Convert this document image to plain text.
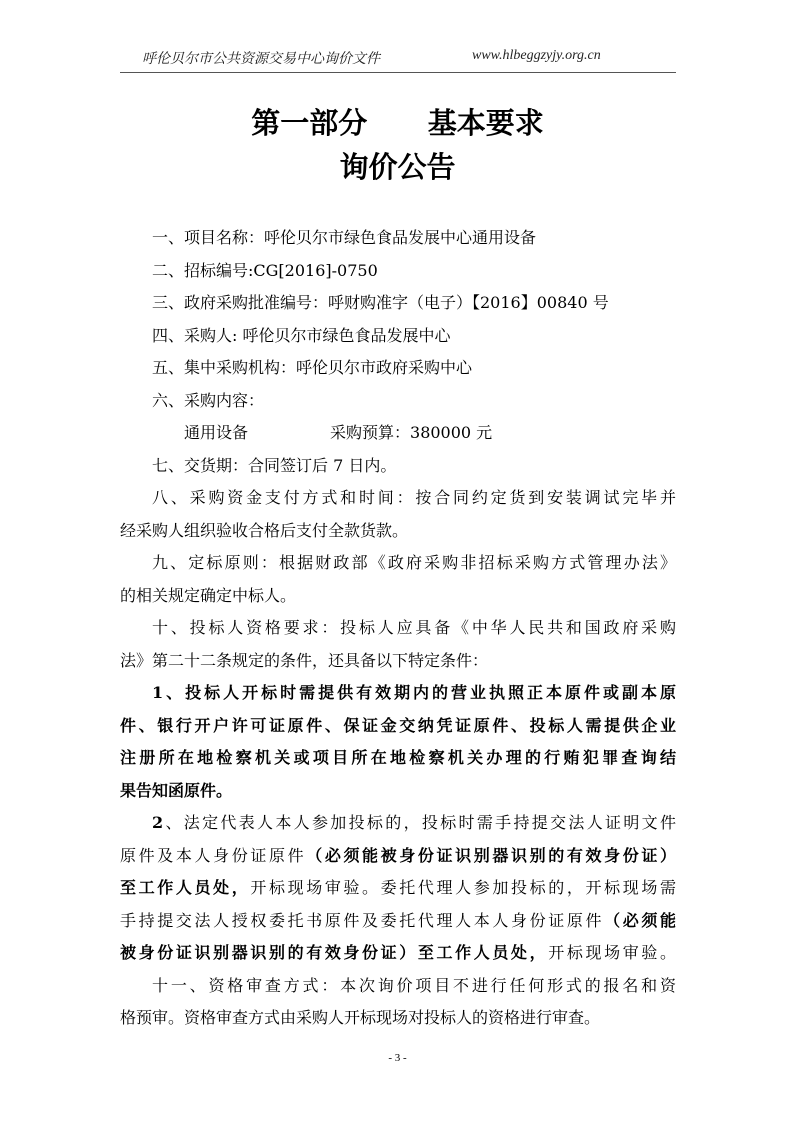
呼伦贝尔市公共资源交易中心询价文件	www.hlbeggzyjy.org.cn
第一部分      基本要求
询价公告
一、项目名称：呼伦贝尔市绿色食品发展中心通用设备
二、招标编号:CG[2016]-0750
三、政府采购批准编号：呼财购准字（电子）【2016】00840 号
四、采购人: 呼伦贝尔市绿色食品发展中心
五、集中采购机构：呼伦贝尔市政府采购中心
六、采购内容：
通用设备	采购预算：380000 元
七、交货期：合同签订后 7 日内。
八、采购资金支付方式和时间：按合同约定货到安装调试完毕并
经采购人组织验收合格后支付全款货款。
九、定标原则：根据财政部《政府采购非招标采购方式管理办法》
的相关规定确定中标人。
十、投标人资格要求：投标人应具备《中华人民共和国政府采购
法》第二十二条规定的条件，还具备以下特定条件：
1、投标人开标时需提供有效期内的营业执照正本原件或副本原
件、银行开户许可证原件、保证金交纳凭证原件、投标人需提供企业
注册所在地检察机关或项目所在地检察机关办理的行贿犯罪查询结
果告知函原件。
2、法定代表人本人参加投标的，投标时需手持提交法人证明文件
原件及本人身份证原件（必须能被身份证识别器识别的有效身份证）
至工作人员处，开标现场审验。委托代理人参加投标的，开标现场需
手持提交法人授权委托书原件及委托代理人本人身份证原件（必须能
被身份证识别器识别的有效身份证）至工作人员处，开标现场审验。
十一、资格审查方式：本次询价项目不进行任何形式的报名和资
格预审。资格审查方式由采购人开标现场对投标人的资格进行审查。
- 3 -
